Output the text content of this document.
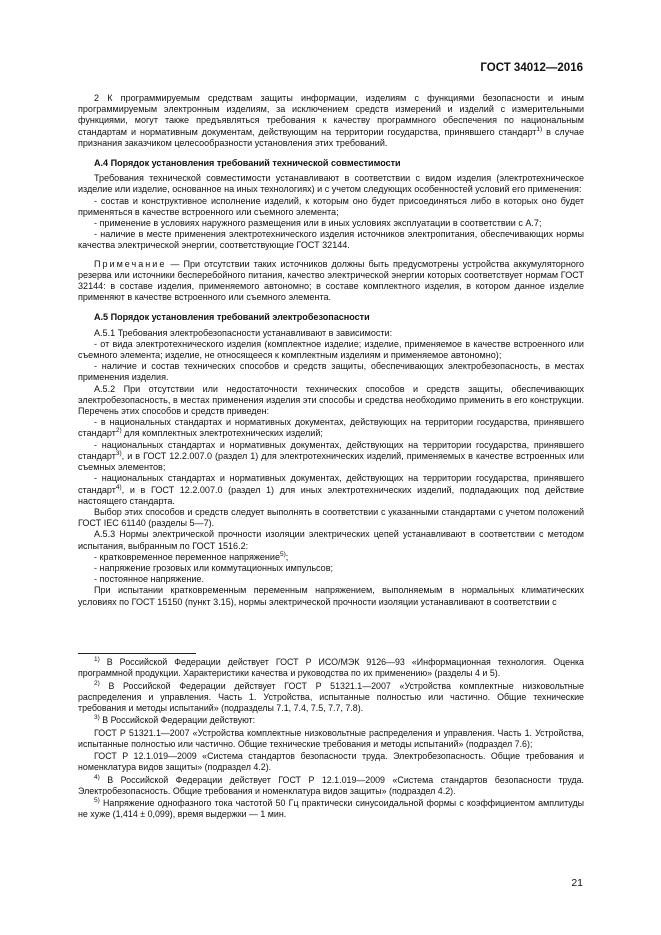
ГОСТ 34012—2016

2 К программируемым средствам защиты информации, изделиям с функциями безопасности и иным программируемым электронным изделиям, за исключением средств измерений и изделий с измерительными функциями, могут также предъявляться требования к качеству программного обеспечения по национальным стандартам и нормативным документам, действующим на территории государства, принявшего стандарт$^{1)}$ в случае признания заказчиком целесообразности установления этих требований.

А.4 Порядок установления требований технической совместимости

Требования технической совместимости устанавливают в соответствии с видом изделия (электротехническое изделие или изделие, основанное на иных технологиях) и с учетом следующих особенностей условий его применения:

- состав и конструктивное исполнение изделий, к которым оно будет присоединяться либо в которых оно будет применяться в качестве встроенного или съемного элемента;

- применение в условиях наружного размещения или в иных условиях эксплуатации в соответствии с А.7;

- наличие в месте применения электротехнического изделия источников электропитания, обеспечивающих нормы качества электрической энергии, соответствующие ГОСТ 32144.

Примечание — При отсутствии таких источников должны быть предусмотрены устройства аккумуляторного резерва или источники бесперебойного питания, качество электрической энергии которых соответствует нормам ГОСТ 32144: в составе изделия, применяемого автономно; в составе комплектного изделия, в котором данное изделие применяют в качестве встроенного или съемного элемента.

А.5 Порядок установления требований электробезопасности

А.5.1 Требования электробезопасности устанавливают в зависимости:

- от вида электротехнического изделия (комплектное изделие; изделие, применяемое в качестве встроенного или съемного элемента; изделие, не относящееся к комплектным изделиям и применяемое автономно);

- наличие и состав технических способов и средств защиты, обеспечивающих электробезопасность, в местах применения изделия.

А.5.2 При отсутствии или недостаточности технических способов и средств защиты, обеспечивающих электробезопасность, в местах применения изделия эти способы и средства необходимо применить в его конструкции. Перечень этих способов и средств приведен:

- в национальных стандартах и нормативных документах, действующих на территории государства, принявшего стандарт$^{2)}$ для комплектных электротехнических изделий;

- национальных стандартах и нормативных документах, действующих на территории государства, принявшего стандарт$^{3)}$, и в ГОСТ 12.2.007.0 (раздел 1) для электротехнических изделий, применяемых в качестве встроенных или съемных элементов;

- национальных стандартах и нормативных документах, действующих на территории государства, принявшего стандарт$^{4)}$, и в ГОСТ 12.2.007.0 (раздел 1) для иных электротехнических изделий, подпадающих под действие настоящего стандарта.

Выбор этих способов и средств следует выполнять в соответствии с указанными стандартами с учетом положений ГОСТ IEC 61140 (разделы 5—7).

А.5.3 Нормы электрической прочности изоляции электрических цепей устанавливают в соответствии с методом испытания, выбранным по ГОСТ 1516.2:

- кратковременное переменное напряжение$^{5)}$;

- напряжение грозовых или коммутационных импульсов;

- постоянное напряжение.

При испытании кратковременным переменным напряжением, выполняемым в нормальных климатических условиях по ГОСТ 15150 (пункт 3.15), нормы электрической прочности изоляции устанавливают в соответствии с

$^{1)}$ В Российской Федерации действует ГОСТ Р ИСО/МЭК 9126—93 «Информационная технология. Оценка программной продукции. Характеристики качества и руководства по их применению» (разделы 4 и 5).

$^{2)}$ В Российской Федерации действует ГОСТ Р 51321.1—2007 «Устройства комплектные низковольтные распределения и управления. Часть 1. Устройства, испытанные полностью или частично. Общие технические требования и методы испытаний» (подразделы 7.1, 7.4, 7.5, 7.7, 7.8).

$^{3)}$ В Российской Федерации действуют:

ГОСТ Р 51321.1—2007 «Устройства комплектные низковольтные распределения и управления. Часть 1. Устройства, испытанные полностью или частично. Общие технические требования и методы испытаний» (подраздел 7.6);

ГОСТ Р 12.1.019—2009 «Система стандартов безопасности труда. Электробезопасность. Общие требования и номенклатура видов защиты» (подраздел 4.2).

$^{4)}$ В Российской Федерации действует ГОСТ Р 12.1.019—2009 «Система стандартов безопасности труда. Электробезопасность. Общие требования и номенклатура видов защиты» (подраздел 4.2).

$^{5)}$ Напряжение однофазного тока частотой 50 Гц практически синусоидальной формы с коэффициентом амплитуды не хуже (1,414 ± 0,099), время выдержки — 1 мин.

21
